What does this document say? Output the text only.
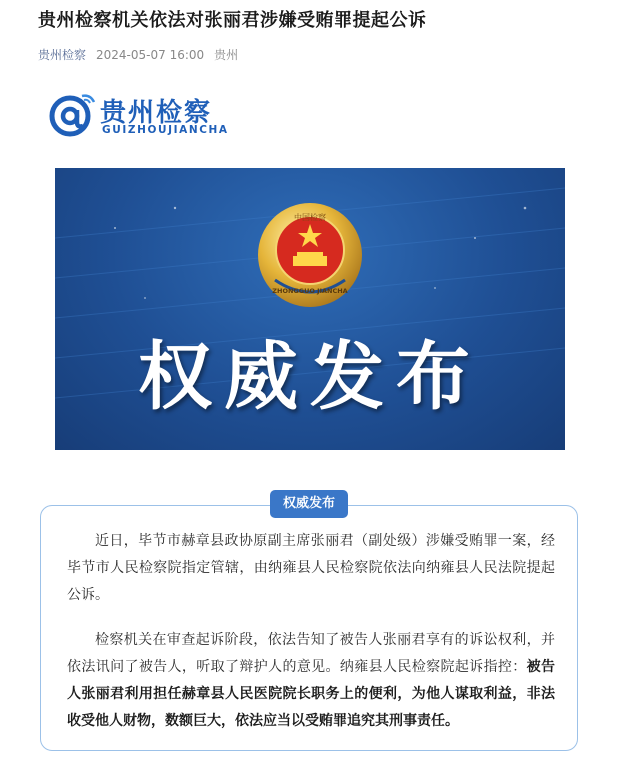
贵州检察机关依法对张丽君涉嫌受贿罪提起公诉
贵州检察 2024-05-07 16:00 贵州
贵州检察
GUIZHOUJIANCHA
中国检察
ZHONGGUO JIANCHA
权威发布
权威发布

近日，毕节市赫章县政协原副主席张丽君（副处级）涉嫌受贿罪一案，经毕节市人民检察院指定管辖，由纳雍县人民检察院依法向纳雍县人民法院提起公诉。

检察机关在审查起诉阶段，依法告知了被告人张丽君享有的诉讼权利，并依法讯问了被告人，听取了辩护人的意见。纳雍县人民检察院起诉指控：被告人张丽君利用担任赫章县人民医院院长职务上的便利，为他人谋取利益，非法收受他人财物，数额巨大，依法应当以受贿罪追究其刑事责任。
